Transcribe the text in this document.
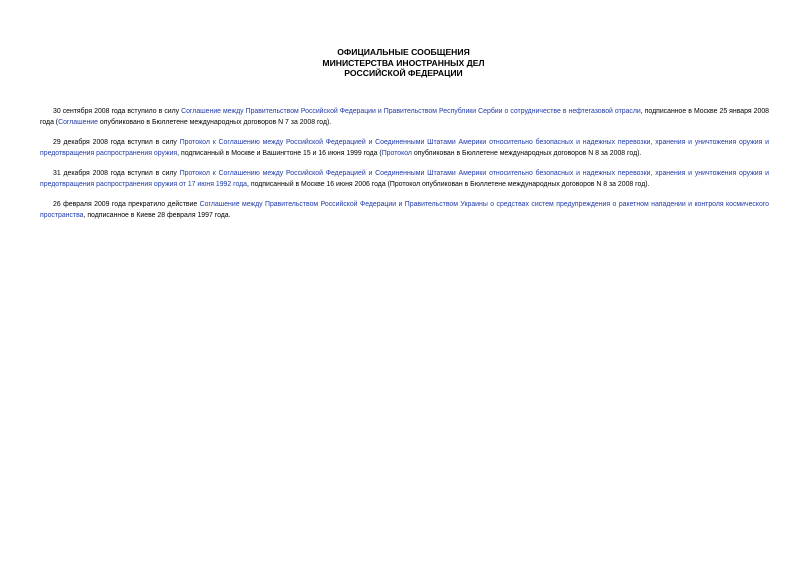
ОФИЦИАЛЬНЫЕ СООБЩЕНИЯ
МИНИСТЕРСТВА ИНОСТРАННЫХ ДЕЛ
РОССИЙСКОЙ ФЕДЕРАЦИИ

30 сентября 2008 года вступило в силу Соглашение между Правительством Российской Федерации и Правительством Республики Сербии о сотрудничестве в нефтегазовой отрасли, подписанное в Москве 25 января 2008 года (Соглашение опубликовано в Бюллетене международных договоров N 7 за 2008 год).

29 декабря 2008 года вступил в силу Протокол к Соглашению между Российской Федерацией и Соединенными Штатами Америки относительно безопасных и надежных перевозки, хранения и уничтожения оружия и предотвращения распространения оружия, подписанный в Москве и Вашингтоне 15 и 16 июня 1999 года (Протокол опубликован в Бюллетене международных договоров N 8 за 2008 год).

31 декабря 2008 года вступил в силу Протокол к Соглашению между Российской Федерацией и Соединенными Штатами Америки относительно безопасных и надежных перевозки, хранения и уничтожения оружия и предотвращения распространения оружия от 17 июня 1992 года, подписанный в Москве 16 июня 2006 года (Протокол опубликован в Бюллетене международных договоров N 8 за 2008 год).

26 февраля 2009 года прекратило действие Соглашение между Правительством Российской Федерации и Правительством Украины о средствах систем предупреждения о ракетном нападении и контроля космического пространства, подписанное в Киеве 28 февраля 1997 года.
